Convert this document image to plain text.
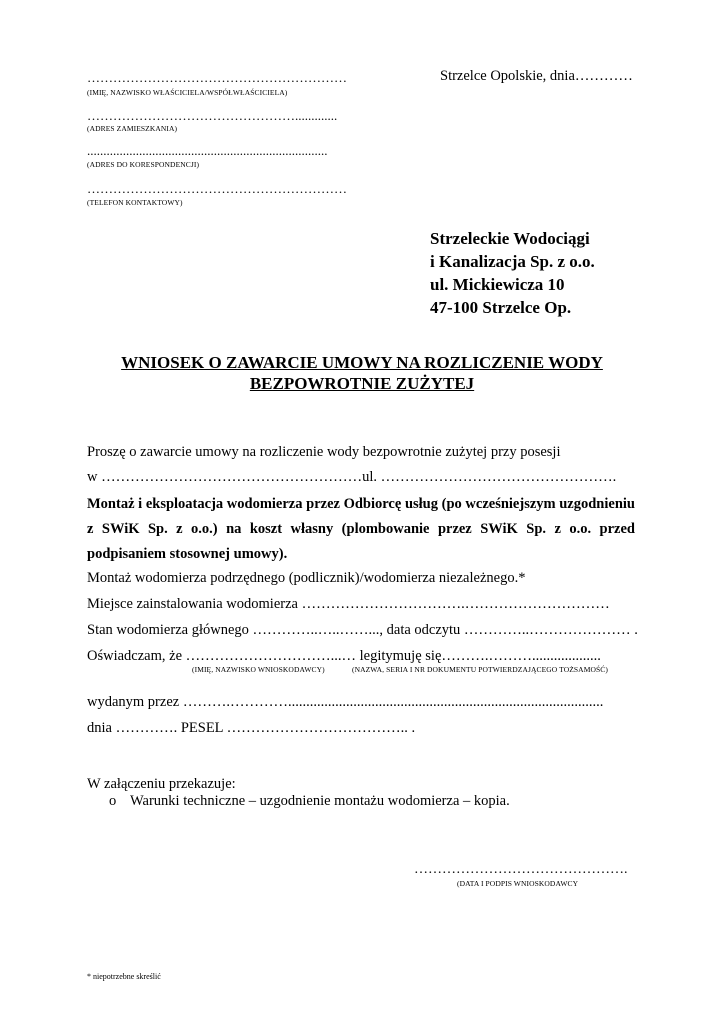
……………………………………………………
(IMIĘ, NAZWISKO WŁAŚCICIELA/WSPÓŁWŁAŚCICIELA)
Strzelce Opolskie, dnia…………
………………………………………….............
(ADRES ZAMIESZKANIA)
..........................................................................
(ADRES DO KORESPONDENCJI)
……………………………………………………
(TELEFON KONTAKTOWY)
Strzeleckie Wodociągi
i Kanalizacja Sp. z o.o.
ul. Mickiewicza 10
47-100 Strzelce Op.
WNIOSEK O ZAWARCIE UMOWY NA ROZLICZENIE WODY
BEZPOWROTNIE ZUŻYTEJ
Proszę o zawarcie umowy na rozliczenie wody bezpowrotnie zużytej przy posesji
w ………………………………………………ul. ………………………………………….
Montaż i eksploatacja wodomierza przez Odbiorcę usług (po wcześniejszym uzgodnieniu z SWiK Sp. z o.o.) na koszt własny (plombowanie przez SWiK Sp. z o.o. przed podpisaniem stosownej umowy).
Montaż wodomierza podrzędnego (podlicznik)/wodomierza niezależnego.*
Miejsce zainstalowania wodomierza …………………………….…………………………
Stan wodomierza głównego …………..…..……..., data odczytu …………..………………… .
Oświadczam, że …………………………...… legitymuję się……….………...................
(IMIĘ, NAZWISKO WNIOSKODAWCY)	(NAZWA, SERIA I NR DOKUMENTU POTWIERDZAJĄCEGO TOŻSAMOŚĆ)
wydanym przez ……….………….......................................................................................
dnia …………. PESEL ……………………………….. .
W załączeniu przekazuje:
o Warunki techniczne – uzgodnienie montażu wodomierza – kopia.
……………………………………….
(DATA I PODPIS WNIOSKODAWCY
* niepotrzebne skreślić
